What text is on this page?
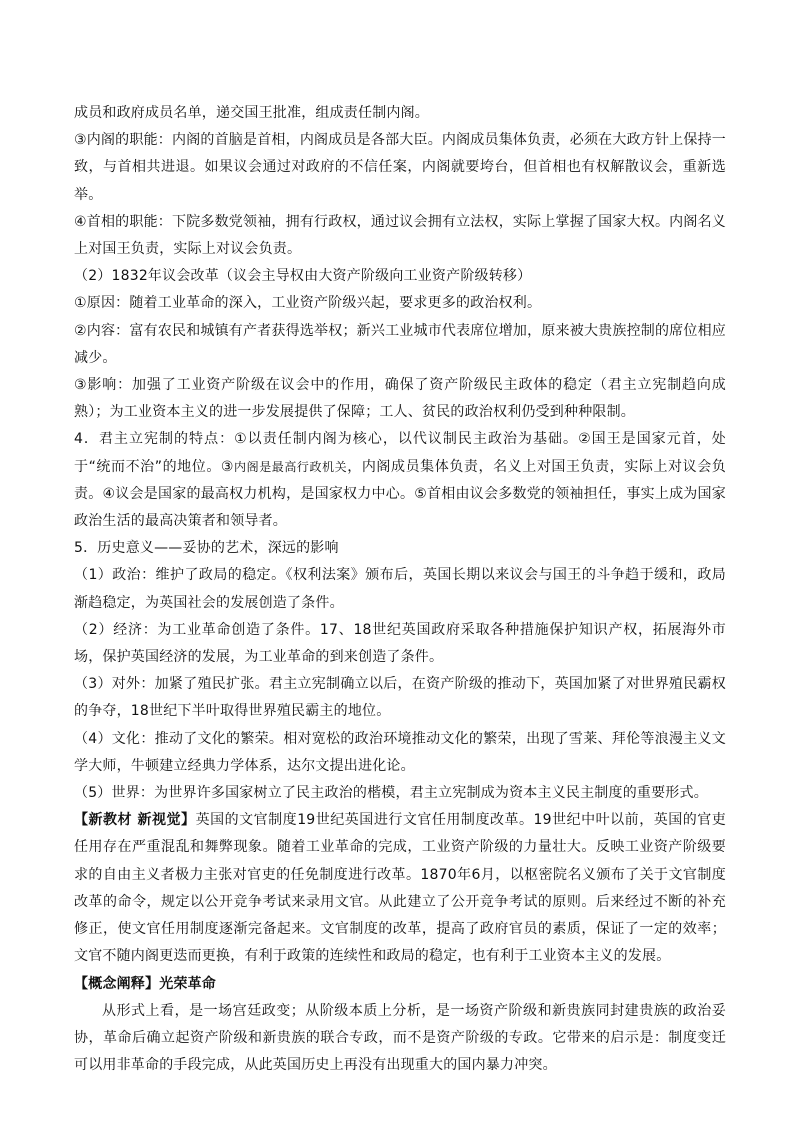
成员和政府成员名单，递交国王批准，组成责任制内阁。

③内阁的职能：内阁的首脑是首相，内阁成员是各部大臣。内阁成员集体负责，必须在大政方针上保持一致，与首相共进退。如果议会通过对政府的不信任案，内阁就要垮台，但首相也有权解散议会，重新选举。

④首相的职能：下院多数党领袖，拥有行政权，通过议会拥有立法权，实际上掌握了国家大权。内阁名义上对国王负责，实际上对议会负责。

（2）1832年议会改革（议会主导权由大资产阶级向工业资产阶级转移）

①原因：随着工业革命的深入，工业资产阶级兴起，要求更多的政治权利。

②内容：富有农民和城镇有产者获得选举权；新兴工业城市代表席位增加，原来被大贵族控制的席位相应减少。

③影响：加强了工业资产阶级在议会中的作用，确保了资产阶级民主政体的稳定（君主立宪制趋向成熟）；为工业资本主义的进一步发展提供了保障；工人、贫民的政治权利仍受到种种限制。

4．君主立宪制的特点：①以责任制内阁为核心，以代议制民主政治为基础。②国王是国家元首，处于“统而不治”的地位。③内阁是最高行政机关，内阁成员集体负责，名义上对国王负责，实际上对议会负责。④议会是国家的最高权力机构，是国家权力中心。⑤首相由议会多数党的领袖担任，事实上成为国家政治生活的最高决策者和领导者。

5．历史意义——妥协的艺术，深远的影响

（1）政治：维护了政局的稳定。《权利法案》颁布后，英国长期以来议会与国王的斗争趋于缓和，政局渐趋稳定，为英国社会的发展创造了条件。

（2）经济：为工业革命创造了条件。17、18世纪英国政府采取各种措施保护知识产权，拓展海外市场，保护英国经济的发展，为工业革命的到来创造了条件。

（3）对外：加紧了殖民扩张。君主立宪制确立以后，在资产阶级的推动下，英国加紧了对世界殖民霸权的争夺，18世纪下半叶取得世界殖民霸主的地位。

（4）文化：推动了文化的繁荣。相对宽松的政治环境推动文化的繁荣，出现了雪莱、拜伦等浪漫主义文学大师，牛顿建立经典力学体系，达尔文提出进化论。

（5）世界：为世界许多国家树立了民主政治的楷模，君主立宪制成为资本主义民主制度的重要形式。

【新教材 新视觉】英国的文官制度19世纪英国进行文官任用制度改革。19世纪中叶以前，英国的官吏任用存在严重混乱和舞弊现象。随着工业革命的完成，工业资产阶级的力量壮大。反映工业资产阶级要求的自由主义者极力主张对官吏的任免制度进行改革。1870年6月，以枢密院名义颁布了关于文官制度改革的命令，规定以公开竞争考试来录用文官。从此建立了公开竞争考试的原则。后来经过不断的补充修正，使文官任用制度逐渐完备起来。文官制度的改革，提高了政府官员的素质，保证了一定的效率；文官不随内阁更迭而更换，有利于政策的连续性和政局的稳定，也有利于工业资本主义的发展。

【概念阐释】光荣革命

从形式上看，是一场宫廷政变；从阶级本质上分析，是一场资产阶级和新贵族同封建贵族的政治妥协，革命后确立起资产阶级和新贵族的联合专政，而不是资产阶级的专政。它带来的启示是：制度变迁可以用非革命的手段完成，从此英国历史上再没有出现重大的国内暴力冲突。
